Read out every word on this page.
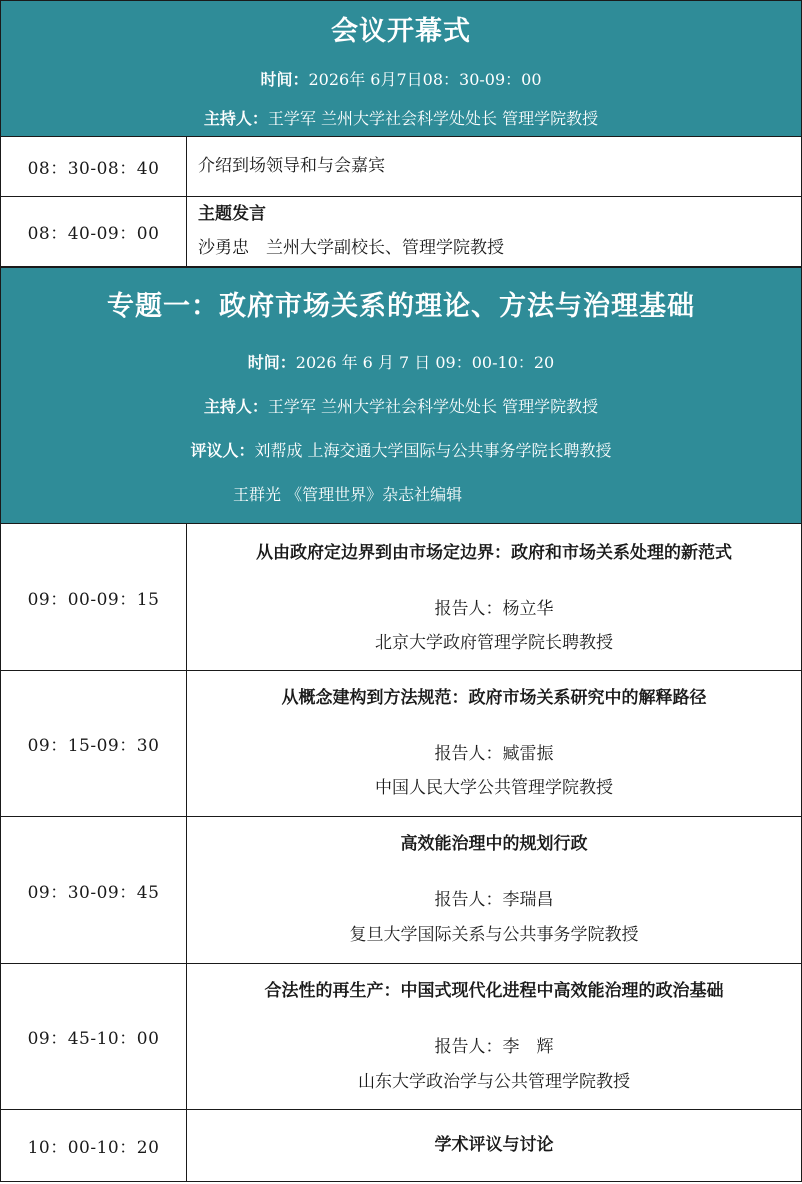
会议开幕式
时间：2026年 6月7日08：30-09：00
主持人：王学军 兰州大学社会科学处处长 管理学院教授
08：30-08：40	介绍到场领导和与会嘉宾
08：40-09：00
主题发言
沙勇忠　兰州大学副校长、管理学院教授
专题一：政府市场关系的理论、方法与治理基础
时间：2026 年 6 月 7 日 09：00-10：20
主持人：王学军 兰州大学社会科学处处长 管理学院教授
评议人：刘帮成 上海交通大学国际与公共事务学院长聘教授
王群光 《管理世界》杂志社编辑
09：00-09：15
从由政府定边界到由市场定边界：政府和市场关系处理的新范式
报告人：杨立华
北京大学政府管理学院长聘教授
09：15-09：30
从概念建构到方法规范：政府市场关系研究中的解释路径
报告人：臧雷振
中国人民大学公共管理学院教授
09：30-09：45
高效能治理中的规划行政
报告人：李瑞昌
复旦大学国际关系与公共事务学院教授
09：45-10：00
合法性的再生产：中国式现代化进程中高效能治理的政治基础
报告人：李　辉
山东大学政治学与公共管理学院教授
10：00-10：20	学术评议与讨论
